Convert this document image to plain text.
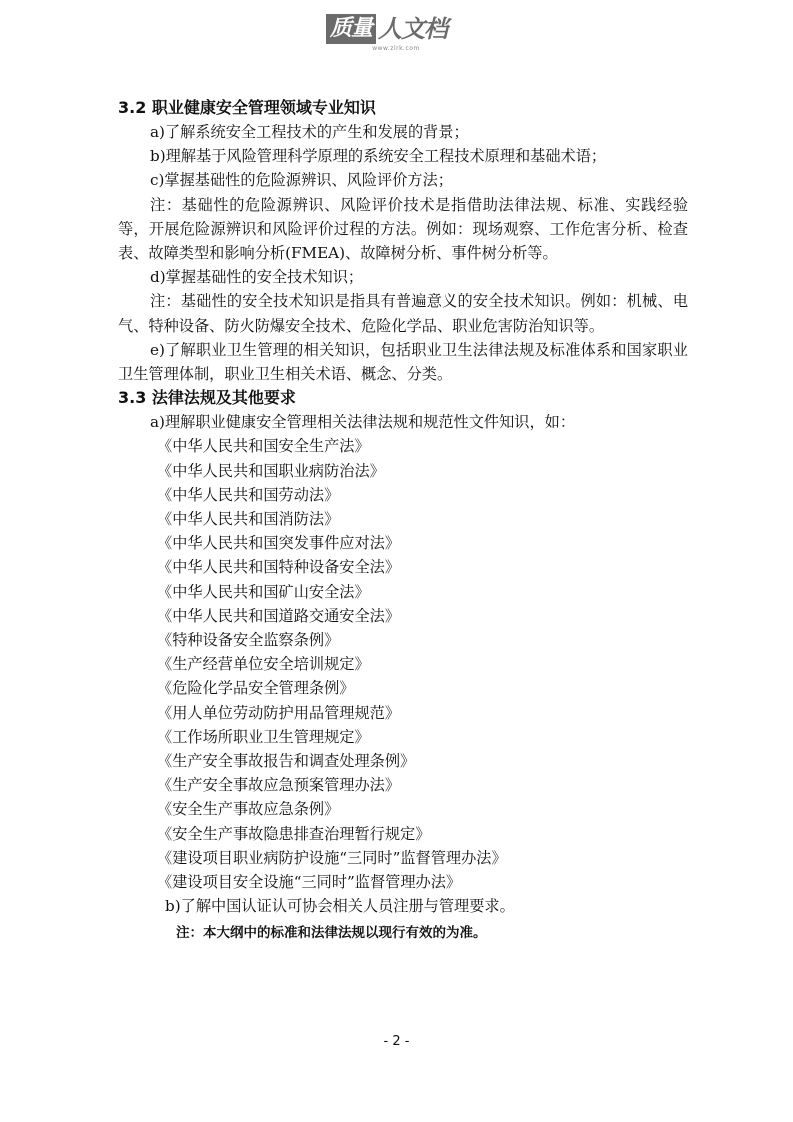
质量 人文档
www.zlrk.com
3.2 职业健康安全管理领域专业知识

a)了解系统安全工程技术的产生和发展的背景；

b)理解基于风险管理科学原理的系统安全工程技术原理和基础术语；

c)掌握基础性的危险源辨识、风险评价方法；

注：基础性的危险源辨识、风险评价技术是指借助法律法规、标准、实践经验等，开展危险源辨识和风险评价过程的方法。例如：现场观察、工作危害分析、检查表、故障类型和影响分析(FMEA)、故障树分析、事件树分析等。

d)掌握基础性的安全技术知识；

注：基础性的安全技术知识是指具有普遍意义的安全技术知识。例如：机械、电气、特种设备、防火防爆安全技术、危险化学品、职业危害防治知识等。

e)了解职业卫生管理的相关知识，包括职业卫生法律法规及标准体系和国家职业卫生管理体制，职业卫生相关术语、概念、分类。

3.3 法律法规及其他要求

a)理解职业健康安全管理相关法律法规和规范性文件知识，如：

《中华人民共和国安全生产法》
《中华人民共和国职业病防治法》
《中华人民共和国劳动法》
《中华人民共和国消防法》
《中华人民共和国突发事件应对法》
《中华人民共和国特种设备安全法》
《中华人民共和国矿山安全法》
《中华人民共和国道路交通安全法》
《特种设备安全监察条例》
《生产经营单位安全培训规定》
《危险化学品安全管理条例》
《用人单位劳动防护用品管理规范》
《工作场所职业卫生管理规定》
《生产安全事故报告和调查处理条例》
《生产安全事故应急预案管理办法》
《安全生产事故应急条例》
《安全生产事故隐患排查治理暂行规定》
《建设项目职业病防护设施“三同时”监督管理办法》
《建设项目安全设施“三同时”监督管理办法》
b)了解中国认证认可协会相关人员注册与管理要求。
注：本大纲中的标准和法律法规以现行有效的为准。
- 2 -
